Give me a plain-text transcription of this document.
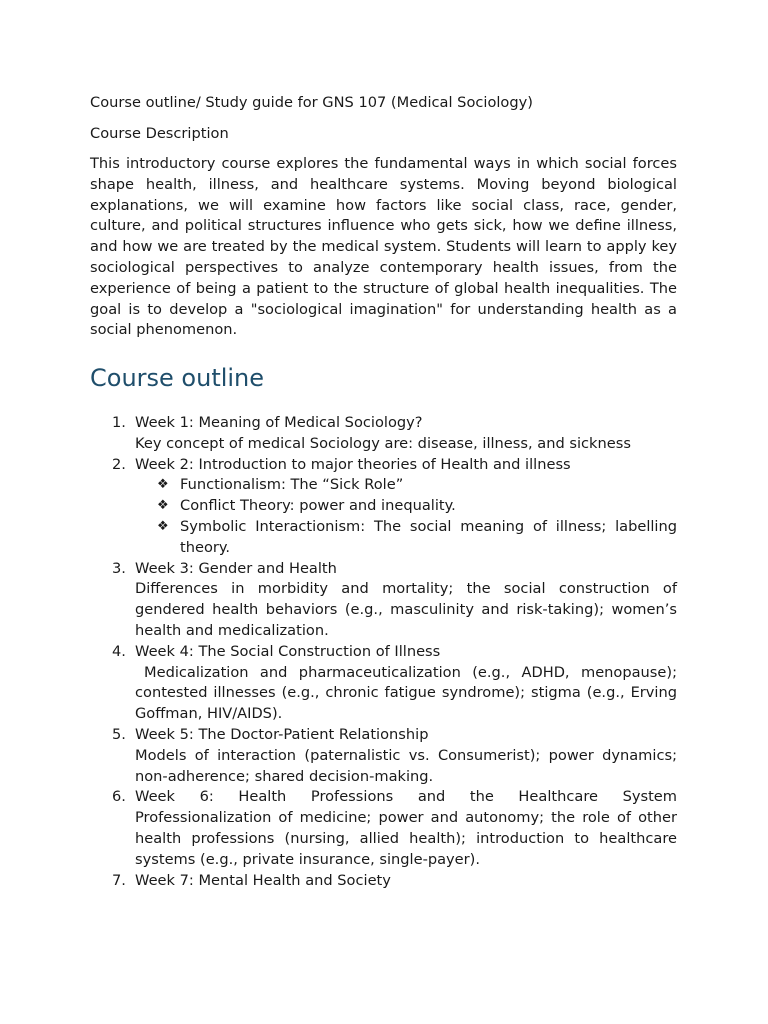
Course outline/ Study guide for GNS 107 (Medical Sociology)

Course Description

This introductory course explores the fundamental ways in which social forces shape health, illness, and healthcare systems. Moving beyond biological explanations, we will examine how factors like social class, race, gender, culture, and political structures influence who gets sick, how we define illness, and how we are treated by the medical system. Students will learn to apply key sociological perspectives to analyze contemporary health issues, from the experience of being a patient to the structure of global health inequalities. The goal is to develop a "sociological imagination" for understanding health as a social phenomenon.

Course outline
1. Week 1: Meaning of Medical Sociology?
Key concept of medical Sociology are: disease, illness, and sickness
2. Week 2: Introduction to major theories of Health and illness
❖ Functionalism: The “Sick Role”
❖ Conflict Theory: power and inequality.
❖ Symbolic Interactionism: The social meaning of illness; labelling theory.
3. Week 3: Gender and Health
Differences in morbidity and mortality; the social construction of gendered health behaviors (e.g., masculinity and risk-taking); women’s health and medicalization.
4. Week 4: The Social Construction of Illness
Medicalization and pharmaceuticalization (e.g., ADHD, menopause); contested illnesses (e.g., chronic fatigue syndrome); stigma (e.g., Erving Goffman, HIV/AIDS).
5. Week 5: The Doctor-Patient Relationship
Models of interaction (paternalistic vs. Consumerist); power dynamics; non-adherence; shared decision-making.
6. Week 6: Health Professions and the Healthcare System
Professionalization of medicine; power and autonomy; the role of other health professions (nursing, allied health); introduction to healthcare systems (e.g., private insurance, single-payer).
7. Week 7: Mental Health and Society
